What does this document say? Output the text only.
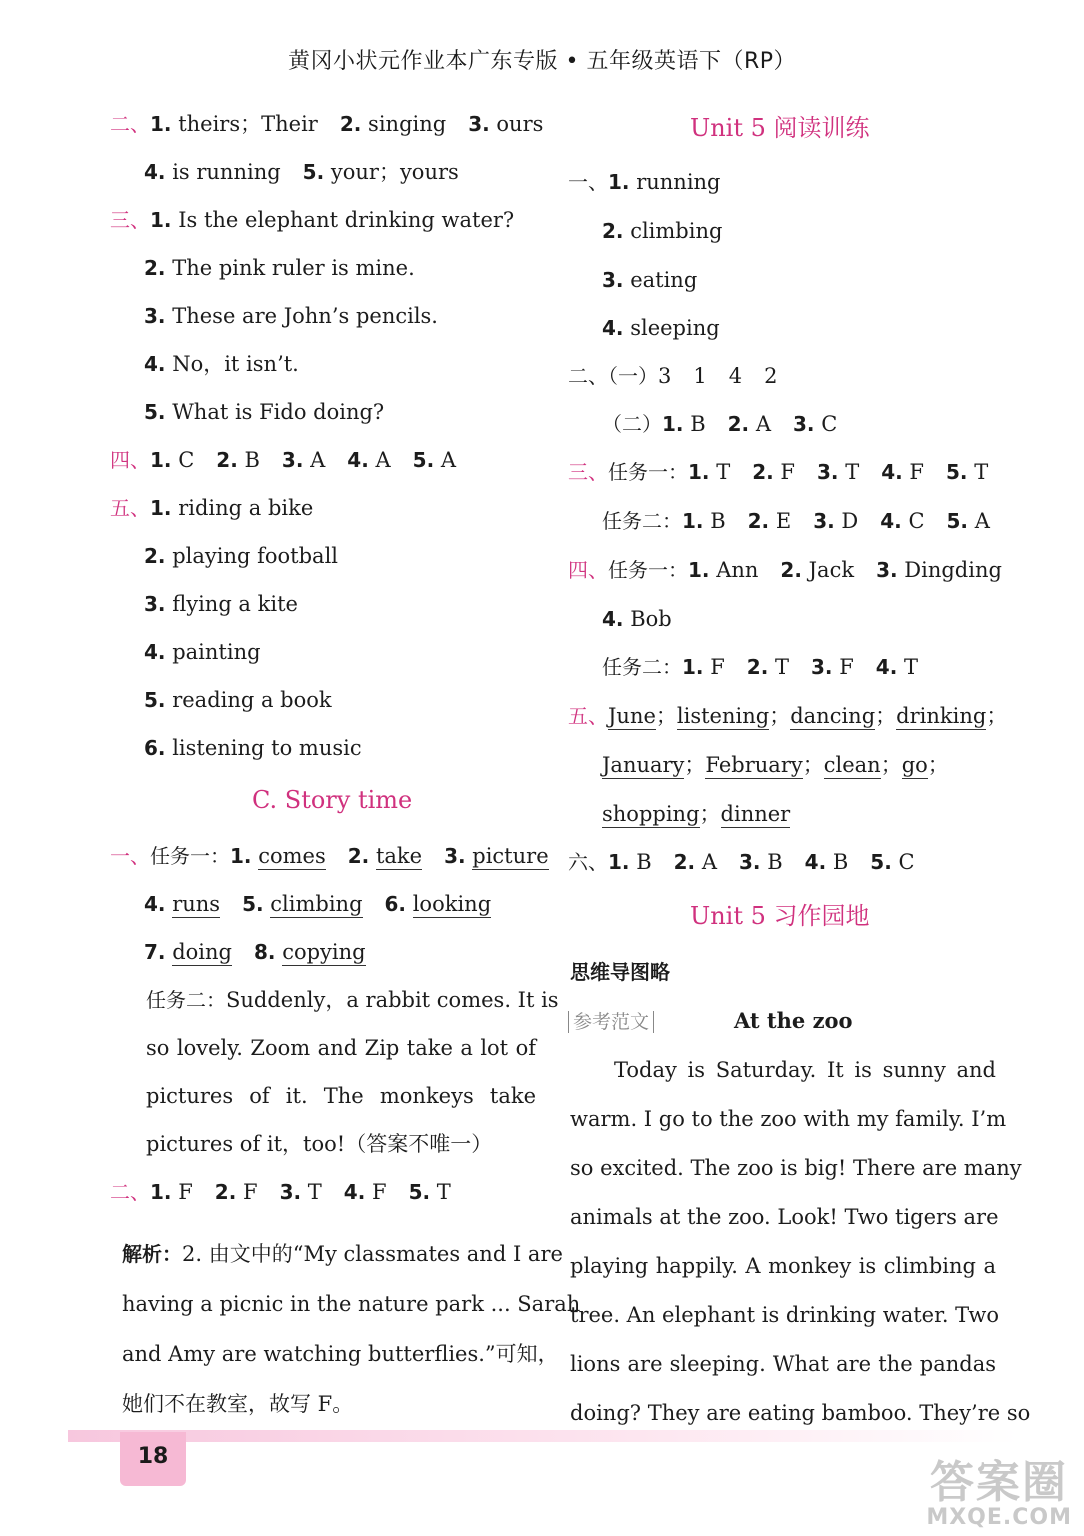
黄冈小状元作业本广东专版 • 五年级英语下（RP）
二、1. theirs；Their 2. singing 3. ours
4. is running 5. your；yours
三、1. Is the elephant drinking water?
2. The pink ruler is mine.
3. These are John’s pencils.
4. No，it isn’t.
5. What is Fido doing?
四、1. C 2. B 3. A 4. A 5. A
五、1. riding a bike
2. playing football
3. flying a kite
4. painting
5. reading a book
6. listening to music
C. Story time
一、任务一：1. comes 2. take 3. picture
4. runs 5. climbing 6. looking
7. doing 8. copying
任务二：Suddenly，a rabbit comes. It is
so lovely. Zoom and Zip take a lot of
pictures of it. The monkeys take
pictures of it，too!（答案不唯一）
二、1. F 2. F 3. T 4. F 5. T
解析：2. 由文中的“My classmates and I are
having a picnic in the nature park ... Sarah
and Amy are watching butterflies.”可知，
她们不在教室，故写 F。
Unit 5 阅读训练
一、1. running
2. climbing
3. eating
4. sleeping
二、（一）3 1 4 2
（二）1. B 2. A 3. C
三、任务一：1. T 2. F 3. T 4. F 5. T
任务二：1. B 2. E 3. D 4. C 5. A
四、任务一：1. Ann 2. Jack 3. Dingding
4. Bob
任务二：1. F 2. T 3. F 4. T
五、June；listening；dancing；drinking；
January；February；clean；go；
shopping；dinner
六、1. B 2. A 3. B 4. B 5. C
Unit 5 习作园地
思维导图略
参考范文	At the zoo
Today is Saturday. It is sunny and
warm. I go to the zoo with my family. I’m
so excited. The zoo is big! There are many
animals at the zoo. Look! Two tigers are
playing happily. A monkey is climbing a
tree. An elephant is drinking water. Two
lions are sleeping. What are the pandas
doing? They are eating bamboo. They’re so
18
答案圈
MXQE.COM
